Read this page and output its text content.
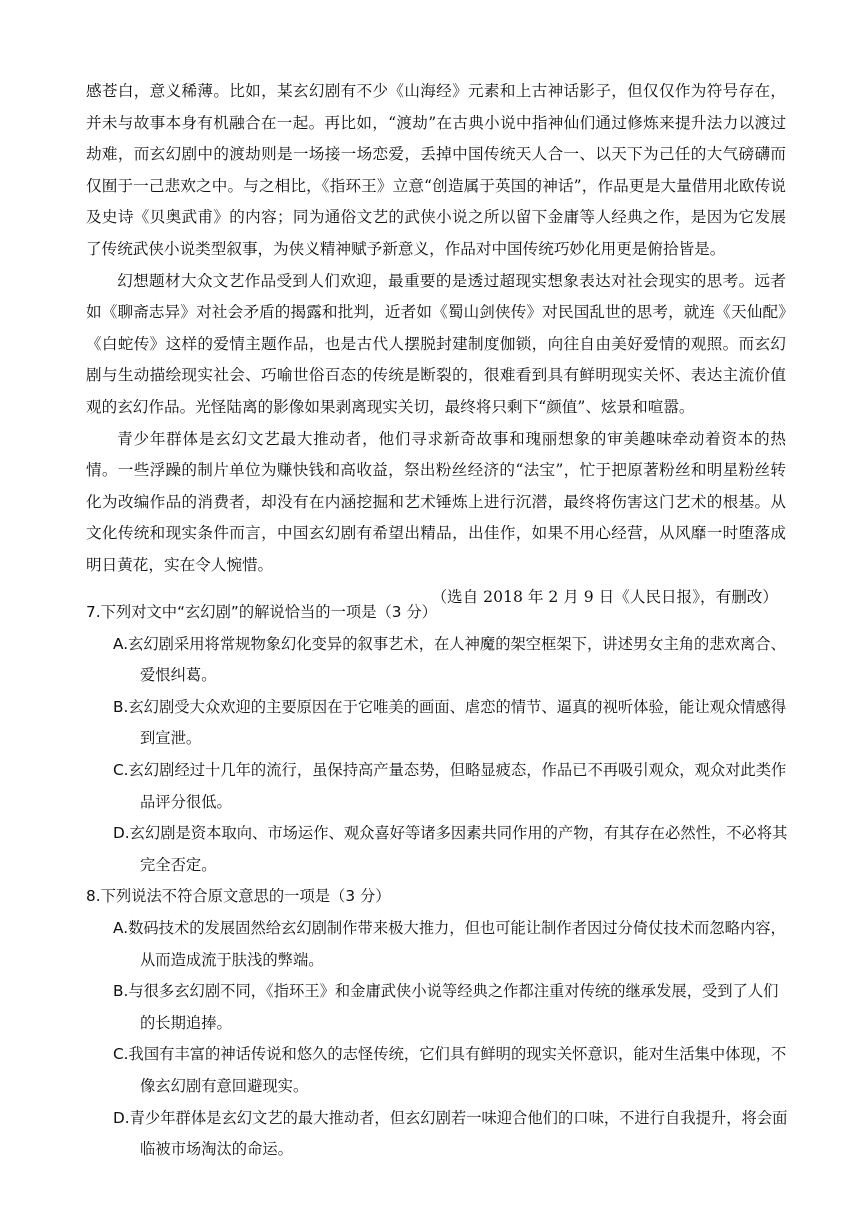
感苍白，意义稀薄。比如，某玄幻剧有不少《山海经》元素和上古神话影子，但仅仅作为符号存在，并未与故事本身有机融合在一起。再比如，“渡劫”在古典小说中指神仙们通过修炼来提升法力以渡过劫难，而玄幻剧中的渡劫则是一场接一场恋爱，丢掉中国传统天人合一、以天下为己任的大气磅礴而仅囿于一己悲欢之中。与之相比，《指环王》立意“创造属于英国的神话”，作品更是大量借用北欧传说及史诗《贝奥武甫》的内容；同为通俗文艺的武侠小说之所以留下金庸等人经典之作，是因为它发展了传统武侠小说类型叙事，为侠义精神赋予新意义，作品对中国传统巧妙化用更是俯拾皆是。

幻想题材大众文艺作品受到人们欢迎，最重要的是透过超现实想象表达对社会现实的思考。远者如《聊斋志异》对社会矛盾的揭露和批判，近者如《蜀山剑侠传》对民国乱世的思考，就连《天仙配》《白蛇传》这样的爱情主题作品，也是古代人摆脱封建制度伽锁，向往自由美好爱情的观照。而玄幻剧与生动描绘现实社会、巧喻世俗百态的传统是断裂的，很难看到具有鲜明现实关怀、表达主流价值观的玄幻作品。光怪陆离的影像如果剥离现实关切，最终将只剩下“颜值”、炫景和喧嚣。

青少年群体是玄幻文艺最大推动者，他们寻求新奇故事和瑰丽想象的审美趣味牵动着资本的热情。一些浮躁的制片单位为赚快钱和高收益，祭出粉丝经济的“法宝”，忙于把原著粉丝和明星粉丝转化为改编作品的消费者，却没有在内涵挖掘和艺术锤炼上进行沉潜，最终将伤害这门艺术的根基。从文化传统和现实条件而言，中国玄幻剧有希望出精品，出佳作，如果不用心经营，从风靡一时堕落成明日黄花，实在令人惋惜。

（选自 2018 年 2 月 9 日《人民日报》，有删改）

7.下列对文中“玄幻剧”的解说恰当的一项是（3 分）

A.玄幻剧采用将常规物象幻化变异的叙事艺术，在人神魔的架空框架下，讲述男女主角的悲欢离合、
爱恨纠葛。
B.玄幻剧受大众欢迎的主要原因在于它唯美的画面、虐恋的情节、逼真的视听体验，能让观众情感得
到宣泄。
C.玄幻剧经过十几年的流行，虽保持高产量态势，但略显疲态，作品已不再吸引观众，观众对此类作
品评分很低。
D.玄幻剧是资本取向、市场运作、观众喜好等诸多因素共同作用的产物，有其存在必然性，不必将其
完全否定。

8.下列说法不符合原文意思的一项是（3 分）

A.数码技术的发展固然给玄幻剧制作带来极大推力，但也可能让制作者因过分倚仗技术而忽略内容，
从而造成流于肤浅的弊端。
B.与很多玄幻剧不同，《指环王》和金庸武侠小说等经典之作都注重对传统的继承发展，受到了人们
的长期追捧。
C.我国有丰富的神话传说和悠久的志怪传统，它们具有鲜明的现实关怀意识，能对生活集中体现，不
像玄幻剧有意回避现实。
D.青少年群体是玄幻文艺的最大推动者，但玄幻剧若一味迎合他们的口味，不进行自我提升，将会面
临被市场淘汰的命运。
